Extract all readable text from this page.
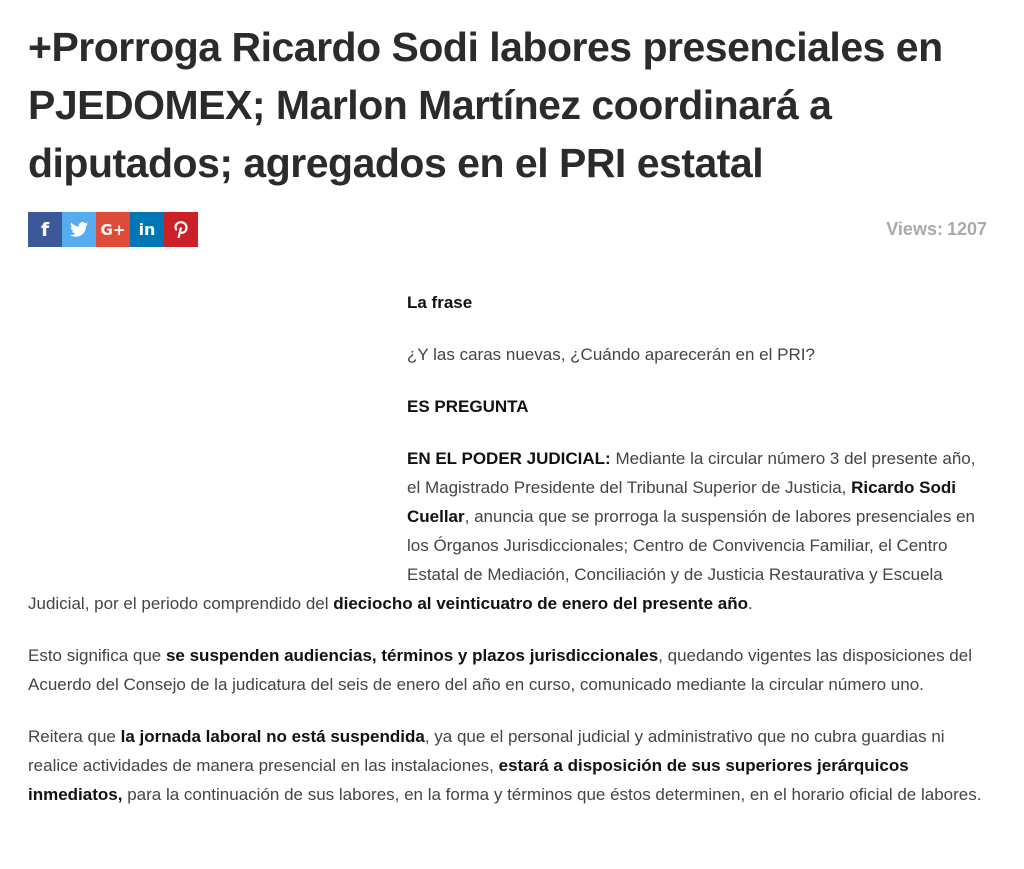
+Prorroga Ricardo Sodi labores presenciales en PJEDOMEX; Marlon Martínez coordinará a diputados; agregados en el PRI estatal
f	G+ in	Views: 1207

La frase

¿Y las caras nuevas, ¿Cuándo aparecerán en el PRI?

ES PREGUNTA

EN EL PODER JUDICIAL: Mediante la circular número 3 del presente año, el Magistrado Presidente del Tribunal Superior de Justicia, Ricardo Sodi Cuellar, anuncia que se prorroga la suspensión de labores presenciales en los Órganos Jurisdiccionales; Centro de Convivencia Familiar, el Centro Estatal de Mediación, Conciliación y de Justicia Restaurativa y Escuela Judicial, por el periodo comprendido del dieciocho al veinticuatro de enero del presente año.

Esto significa que se suspenden audiencias, términos y plazos jurisdiccionales, quedando vigentes las disposiciones del Acuerdo del Consejo de la judicatura del seis de enero del año en curso, comunicado mediante la circular número uno.

Reitera que la jornada laboral no está suspendida, ya que el personal judicial y administrativo que no cubra guardias ni realice actividades de manera presencial en las instalaciones, estará a disposición de sus superiores jerárquicos inmediatos, para la continuación de sus labores, en la forma y términos que éstos determinen, en el horario oficial de labores.
